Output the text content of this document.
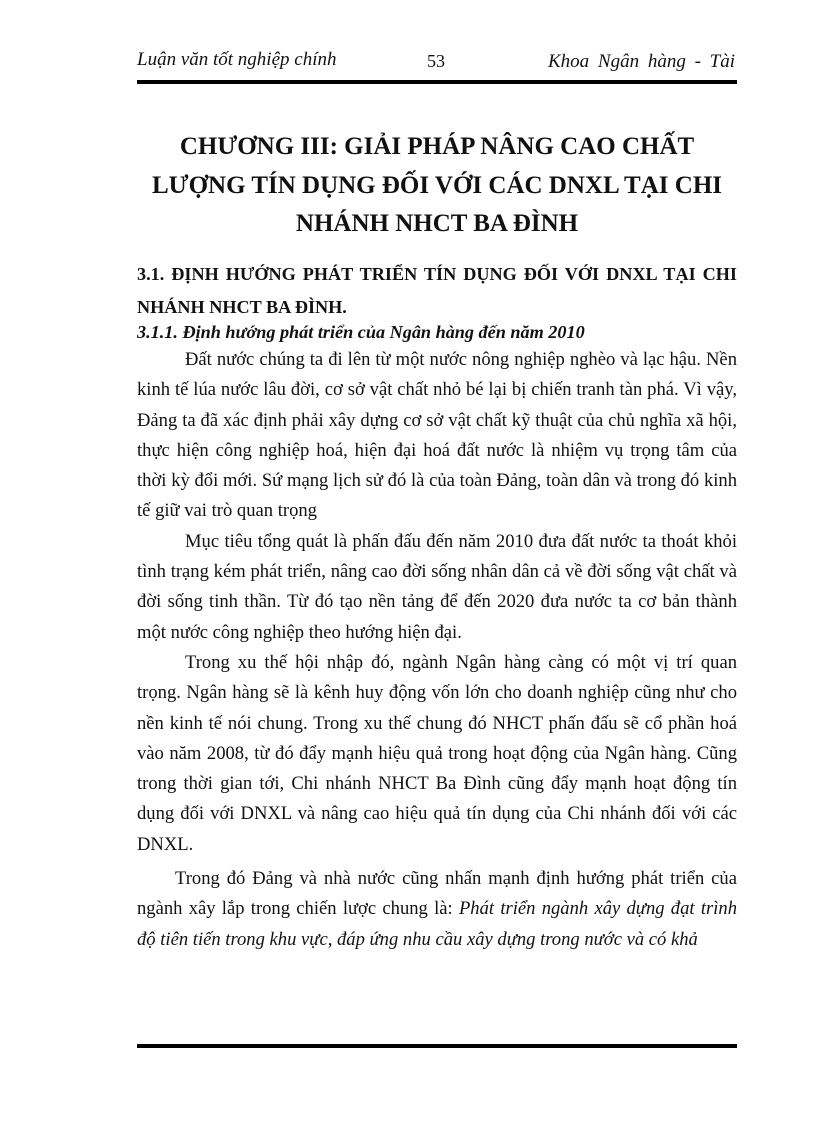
Luận văn tốt nghiệp chính	53	Khoa Ngân hàng - Tài
CHƯƠNG III: GIẢI PHÁP NÂNG CAO CHẤT LƯỢNG TÍN DỤNG ĐỐI VỚI CÁC DNXL TẠI CHI NHÁNH NHCT BA ĐÌNH
3.1. ĐỊNH HƯỚNG PHÁT TRIỂN TÍN DỤNG ĐỐI VỚI DNXL TẠI CHI NHÁNH NHCT BA ĐÌNH.
3.1.1. Định hướng phát triển của Ngân hàng đến năm 2010

Đất nước chúng ta đi lên từ một nước nông nghiệp nghèo và lạc hậu. Nền kinh tế lúa nước lâu đời, cơ sở vật chất nhỏ bé lại bị chiến tranh tàn phá. Vì vậy, Đảng ta đã xác định phải xây dựng cơ sở vật chất kỹ thuật của chủ nghĩa xã hội, thực hiện công nghiệp hoá, hiện đại hoá đất nước là nhiệm vụ trọng tâm của thời kỳ đổi mới. Sứ mạng lịch sử đó là của toàn Đảng, toàn dân và trong đó kinh tế giữ vai trò quan trọng

Mục tiêu tổng quát là phấn đấu đến năm 2010 đưa đất nước ta thoát khỏi tình trạng kém phát triển, nâng cao đời sống nhân dân cả về đời sống vật chất và đời sống tinh thần. Từ đó tạo nền tảng để đến 2020 đưa nước ta cơ bản thành một nước công nghiệp theo hướng hiện đại.

Trong xu thế hội nhập đó, ngành Ngân hàng càng có một vị trí quan trọng. Ngân hàng sẽ là kênh huy động vốn lớn cho doanh nghiệp cũng như cho nền kinh tế nói chung. Trong xu thế chung đó NHCT phấn đấu sẽ cổ phần hoá vào năm 2008, từ đó đẩy mạnh hiệu quả trong hoạt động của Ngân hàng. Cũng trong thời gian tới, Chi nhánh NHCT Ba Đình cũng đẩy mạnh hoạt động tín dụng đối với DNXL và nâng cao hiệu quả tín dụng của Chi nhánh đối với các DNXL.

Trong đó Đảng và nhà nước cũng nhấn mạnh định hướng phát triển của ngành xây lắp trong chiến lược chung là: Phát triển ngành xây dựng đạt trình độ tiên tiến trong khu vực, đáp ứng nhu cầu xây dựng trong nước và có khả
